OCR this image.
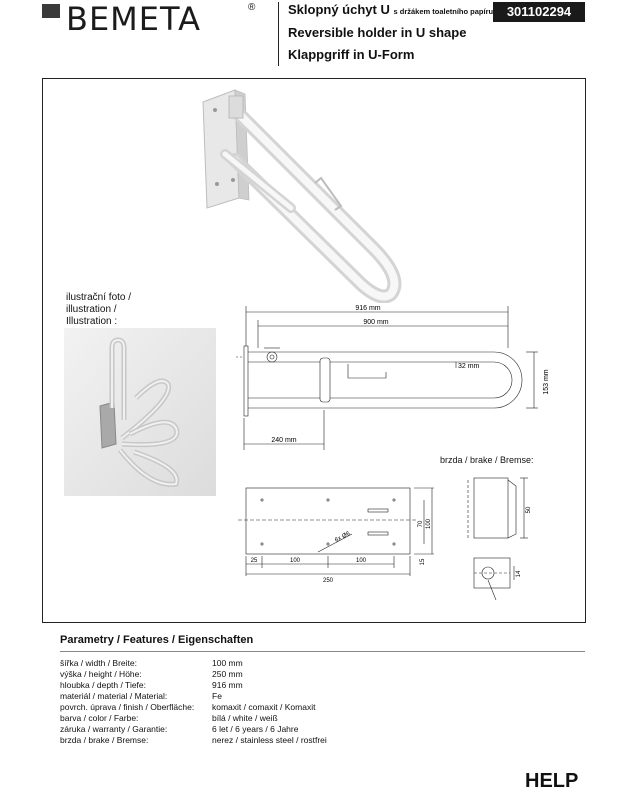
BEMETA	®	Sklopný úchyt U s držákem toaletního papíru
Reversible holder in U shape
Klappgriff in U-Form
301102294
ilustrační foto /
illustration /
Illustration :
916 mm
900 mm
32 mm
153 mm
240 mm
25	100	100
250
70 100
15
6x Ø6
brzda / brake / Bremse:
50
14
Parametry / Features / Eigenschaften
šířka / width / Breite:	100 mm
výška / height / Höhe:	250 mm
hloubka / depth / Tiefe:	916 mm
materiál / material / Material:	Fe
povrch. úprava / finish / Oberfläche:	komaxit / comaxit / Komaxit
barva / color / Farbe:	bílá / white / weiß
záruka / warranty / Garantie:	6 let / 6 years / 6 Jahre
brzda / brake / Bremse:	nerez / stainless steel / rostfrei
HELP
